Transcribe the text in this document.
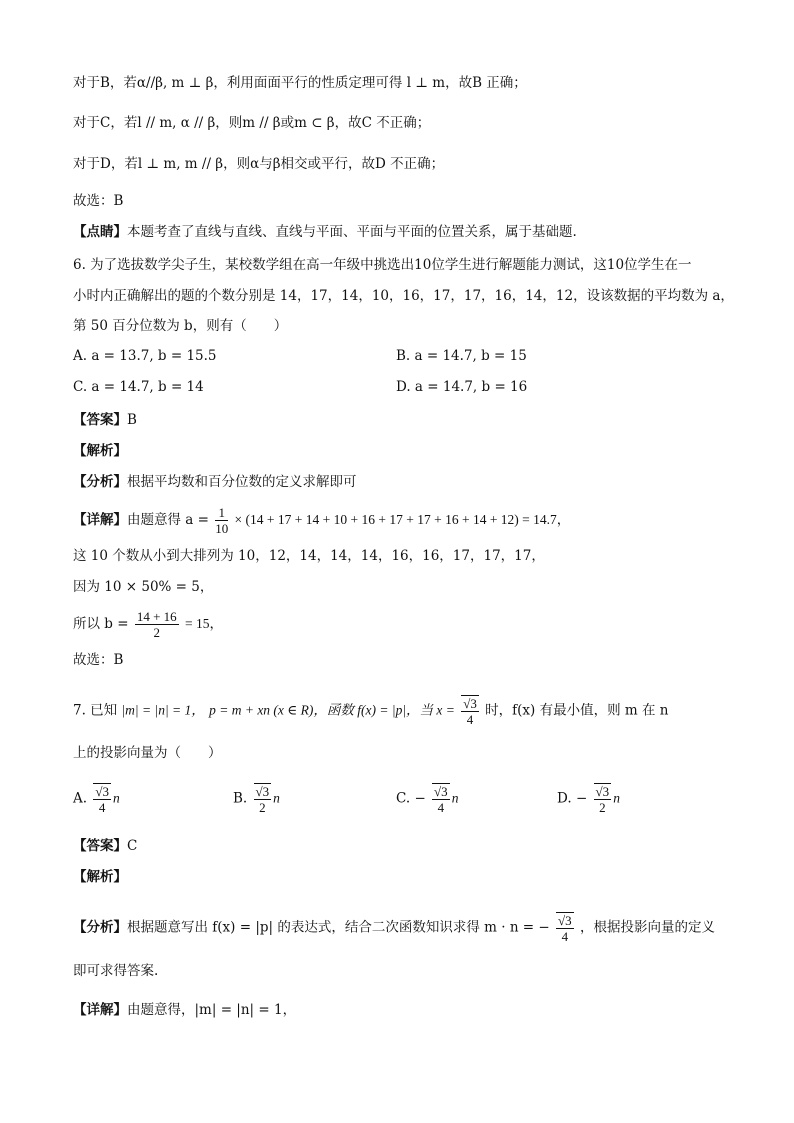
对于B，若α//β, m ⊥ β，利用面面平行的性质定理可得 l ⊥ m，故B 正确；
对于C，若l // m, α // β，则m // β或m ⊂ β，故C 不正确；
对于D，若l ⊥ m, m // β，则α与β相交或平行，故D 不正确；
故选：B
【点睛】本题考查了直线与直线、直线与平面、平面与平面的位置关系，属于基础题.
6. 为了选拔数学尖子生，某校数学组在高一年级中挑选出10位学生进行解题能力测试，这10位学生在一
小时内正确解出的题的个数分别是 14，17，14，10，16，17，17，16，14，12，设该数据的平均数为 a，
第 50 百分位数为 b，则有（　　）
A. a = 13.7, b = 15.5	B. a = 14.7, b = 15
C. a = 14.7, b = 14	D. a = 14.7, b = 16
【答案】B
【解析】
【分析】根据平均数和百分位数的定义求解即可
【详解】由题意得 $a = \frac{1}{10} \times (14 + 17 + 14 + 10 + 16 + 17 + 17 + 16 + 14 + 12) = 14.7$，
这 10 个数从小到大排列为 10，12，14，14，14，16，16，17，17，17，
因为 10 × 50% = 5，
所以 $b = \frac{14 + 16}{2} = 15$，
故选：B
7. 已知 |m| = |n| = 1， p = m + xn (x ∈ R)，函数 f(x) = |p|，当 $x = \frac{√3}{4}$ 时，f(x) 有最小值，则 m 在 n
上的投影向量为（　　）
A. $\frac{√3}{4}$ n	B. $\frac{√3}{2}$ n	C. − $\frac{√3}{4}$ n	D. − $\frac{√3}{2}$ n
【答案】C
【解析】
【分析】根据题意写出 f(x) = |p| 的表达式，结合二次函数知识求得 m · n = − $\frac{√3}{4}$ ，根据投影向量的定义
即可求得答案.
【详解】由题意得，|m| = |n| = 1，
